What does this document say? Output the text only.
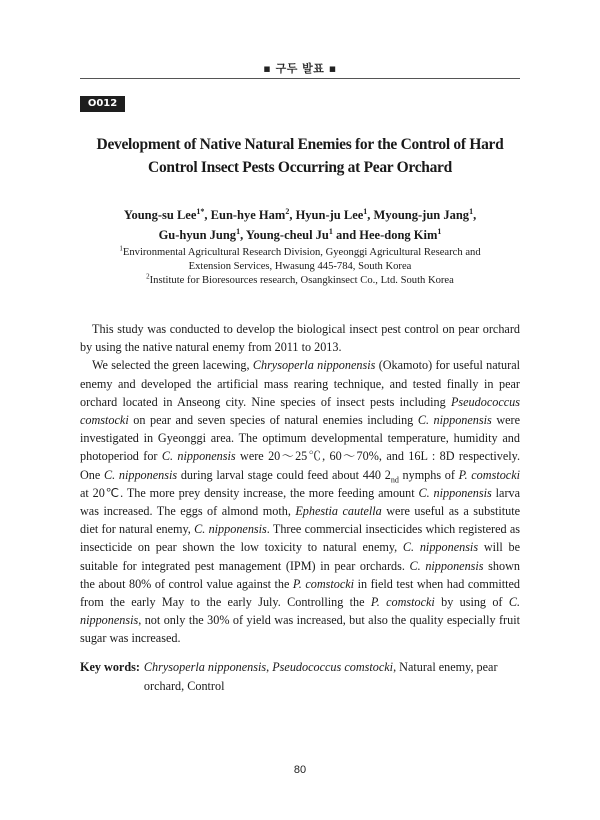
▪ 구두 발표 ▪
O012
Development of Native Natural Enemies for the Control of Hard
Control Insect Pests Occurring at Pear Orchard
Young-su Lee$^{1*}$, Eun-hye Ham$^2$, Hyun-ju Lee$^1$, Myoung-jun Jang$^1$,
Gu-hyun Jung$^1$, Young-cheul Ju$^1$ and Hee-dong Kim$^1$
$^1$Environmental Agricultural Research Division, Gyeonggi Agricultural Research and
Extension Services, Hwasung 445-784, South Korea
$^2$Institute for Bioresources research, Osangkinsect Co., Ltd. South Korea

This study was conducted to develop the biological insect pest control on pear orchard by using the native natural enemy from 2011 to 2013.

We selected the green lacewing, Chrysoperla nipponensis (Okamoto) for useful natural enemy and developed the artificial mass rearing technique, and tested finally in pear orchard located in Anseong city. Nine species of insect pests including Pseudococcus comstocki on pear and seven species of natural enemies including C. nipponensis were investigated in Gyeonggi area. The optimum developmental temperature, humidity and photoperiod for C. nipponensis were 20～25℃, 60～70%, and 16L : 8D respectively. One C. nipponensis during larval stage could feed about 440 $2_{nd}$ nymphs of P. comstocki at 20℃. The more prey density increase, the more feeding amount C. nipponensis larva was increased. The eggs of almond moth, Ephestia cautella were useful as a substitute diet for natural enemy, C. nipponensis. Three commercial insecticides which registered as insecticide on pear shown the low toxicity to natural enemy, C. nipponensis will be suitable for integrated pest management (IPM) in pear orchards. C. nipponensis shown the about 80% of control value against the P. comstocki in field test when had committed from the early May to the early July. Controlling the P. comstocki by using of C. nipponensis, not only the 30% of yield was increased, but also the quality especially fruit sugar was increased.

Key words: Chrysoperla nipponensis, Pseudococcus comstocki, Natural enemy, pear orchard, Control
80
